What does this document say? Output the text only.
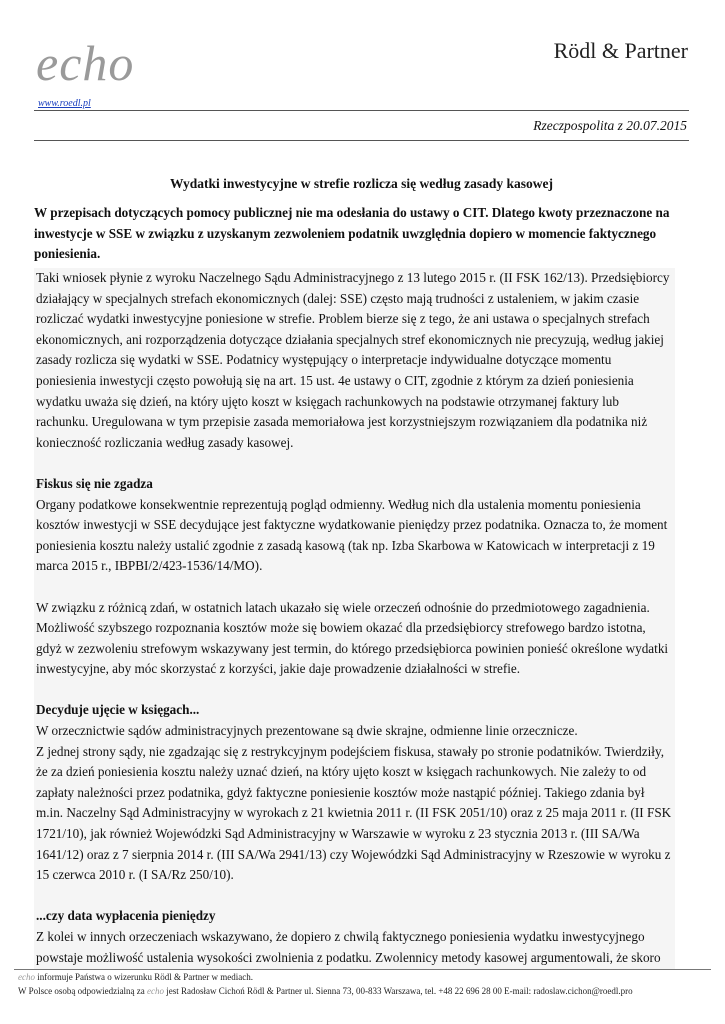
echo
www.roedl.pl
Rödl & Partner
Rzeczpospolita z 20.07.2015
Wydatki inwestycyjne w strefie rozlicza się według zasady kasowej
W przepisach dotyczących pomocy publicznej nie ma odesłania do ustawy o CIT. Dlatego kwoty przeznaczone na inwestycje w SSE w związku z uzyskanym zezwoleniem podatnik uwzględnia dopiero w momencie faktycznego poniesienia.

Taki wniosek płynie z wyroku Naczelnego Sądu Administracyjnego z 13 lutego 2015 r. (II FSK 162/13). Przedsiębiorcy działający w specjalnych strefach ekonomicznych (dalej: SSE) często mają trudności z ustaleniem, w jakim czasie rozliczać wydatki inwestycyjne poniesione w strefie. Problem bierze się z tego, że ani ustawa o specjalnych strefach ekonomicznych, ani rozporządzenia dotyczące działania specjalnych stref ekonomicznych nie precyzują, według jakiej zasady rozlicza się wydatki w SSE. Podatnicy występujący o interpretacje indywidualne dotyczące momentu poniesienia inwestycji często powołują się na art. 15 ust. 4e ustawy o CIT, zgodnie z którym za dzień poniesienia wydatku uważa się dzień, na który ujęto koszt w księgach rachunkowych na podstawie otrzymanej faktury lub rachunku. Uregulowana w tym przepisie zasada memoriałowa jest korzystniejszym rozwiązaniem dla podatnika niż konieczność rozliczania według zasady kasowej.

Fiskus się nie zgadza

Organy podatkowe konsekwentnie reprezentują pogląd odmienny. Według nich dla ustalenia momentu poniesienia kosztów inwestycji w SSE decydujące jest faktyczne wydatkowanie pieniędzy przez podatnika. Oznacza to, że moment poniesienia kosztu należy ustalić zgodnie z zasadą kasową (tak np. Izba Skarbowa w Katowicach w interpretacji z 19 marca 2015 r., IBPBI/2/423-1536/14/MO).

W związku z różnicą zdań, w ostatnich latach ukazało się wiele orzeczeń odnośnie do przedmiotowego zagadnienia. Możliwość szybszego rozpoznania kosztów może się bowiem okazać dla przedsiębiorcy strefowego bardzo istotna, gdyż w zezwoleniu strefowym wskazywany jest termin, do którego przedsiębiorca powinien ponieść określone wydatki inwestycyjne, aby móc skorzystać z korzyści, jakie daje prowadzenie działalności w strefie.

Decyduje ujęcie w księgach...

W orzecznictwie sądów administracyjnych prezentowane są dwie skrajne, odmienne linie orzecznicze.

Z jednej strony sądy, nie zgadzając się z restrykcyjnym podejściem fiskusa, stawały po stronie podatników. Twierdziły, że za dzień poniesienia kosztu należy uznać dzień, na który ujęto koszt w księgach rachunkowych. Nie zależy to od zapłaty należności przez podatnika, gdyż faktyczne poniesienie kosztów może nastąpić później. Takiego zdania był m.in. Naczelny Sąd Administracyjny w wyrokach z 21 kwietnia 2011 r. (II FSK 2051/10) oraz z 25 maja 2011 r. (II FSK 1721/10), jak również Wojewódzki Sąd Administracyjny w Warszawie w wyroku z 23 stycznia 2013 r. (III SA/Wa 1641/12) oraz z 7 sierpnia 2014 r. (III SA/Wa 2941/13) czy Wojewódzki Sąd Administracyjny w Rzeszowie w wyroku z 15 czerwca 2010 r. (I SA/Rz 250/10).

...czy data wypłacenia pieniędzy

Z kolei w innych orzeczeniach wskazywano, że dopiero z chwilą faktycznego poniesienia wydatku inwestycyjnego powstaje możliwość ustalenia wysokości zwolnienia z podatku. Zwolennicy metody kasowej argumentowali, że skoro

echo informuje Państwa o wizerunku Rödl & Partner w mediach.
W Polsce osobą odpowiedzialną za echo jest Radosław Cichoń Rödl & Partner ul. Sienna 73, 00-833 Warszawa, tel. +48 22 696 28 00 E-mail: radoslaw.cichon@roedl.pro
